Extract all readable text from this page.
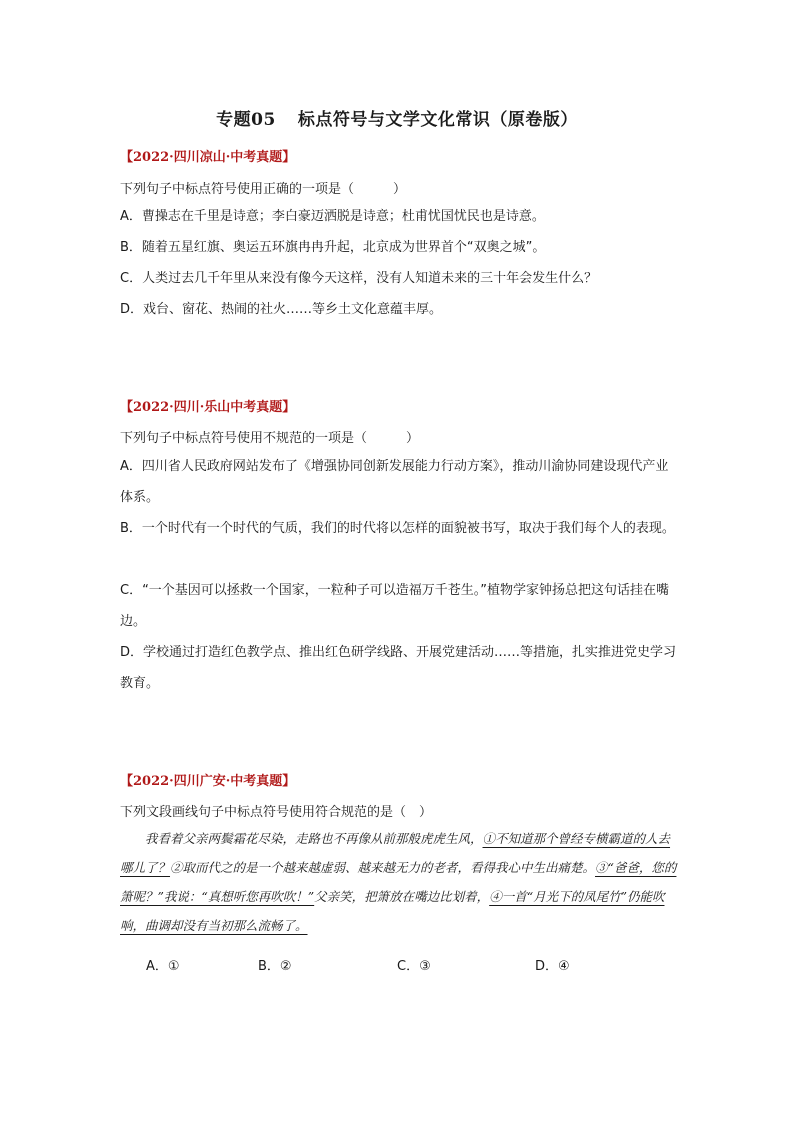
专题05 标点符号与文学文化常识（原卷版）
【2022·四川凉山·中考真题】
下列句子中标点符号使用正确的一项是（　　　）
A．曹操志在千里是诗意；李白豪迈洒脱是诗意；杜甫忧国忧民也是诗意。
B．随着五星红旗、奥运五环旗冉冉升起，北京成为世界首个“双奥之城”。
C．人类过去几千年里从来没有像今天这样，没有人知道未来的三十年会发生什么？
D．戏台、窗花、热闹的社火……等乡土文化意蕴丰厚。
【2022·四川·乐山中考真题】
下列句子中标点符号使用不规范的一项是（　　　）
A．四川省人民政府网站发布了《增强协同创新发展能力行动方案》，推动川渝协同建设现代产业体系。
B．一个时代有一个时代的气质，我们的时代将以怎样的面貌被书写，取决于我们每个人的表现。
C．“一个基因可以拯救一个国家，一粒种子可以造福万千苍生。”植物学家钟扬总把这句话挂在嘴边。
D．学校通过打造红色教学点、推出红色研学线路、开展党建活动……等措施，扎实推进党史学习教育。
【2022·四川广安·中考真题】
下列文段画线句子中标点符号使用符合规范的是（　）
我看着父亲两鬓霜花尽染，走路也不再像从前那般虎虎生风，①不知道那个曾经专横霸道的人去哪儿了？②取而代之的是一个越来越虚弱、越来越无力的老者，看得我心中生出痛楚。③“爸爸，您的箫呢？”我说：“真想听您再吹吹！”父亲笑，把箫放在嘴边比划着，④一首“月光下的凤尾竹”仍能吹响，曲调却没有当初那么流畅了。
A．①	B．②	C．③	D．④
